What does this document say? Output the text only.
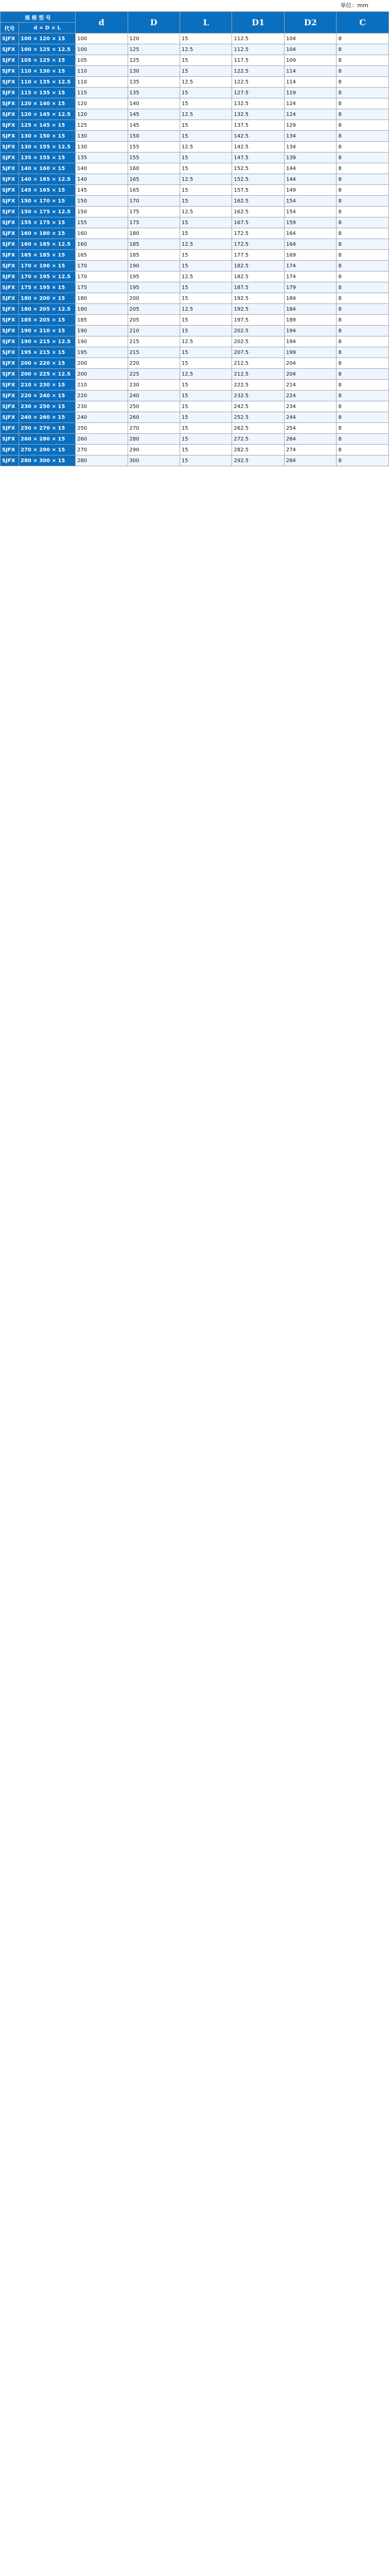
单位：mm
规 格 型 号		d	D	L	D1	D2	C
代号	d × D × L						
SJFX	100 × 120 × 15	100	120	15	112.5	104	8
SJFX	100 × 125 × 12.5	100	125	12.5	112.5	104	8
SJFX	105 × 125 × 15	105	125	15	117.5	109	8
SJFX	110 × 130 × 15	110	130	15	122.5	114	8
SJFX	110 × 135 × 12.5	110	135	12.5	122.5	114	8
SJFX	115 × 135 × 15	115	135	15	127.5	119	8
SJFX	120 × 140 × 15	120	140	15	132.5	124	8
SJFX	120 × 145 × 12.5	120	145	12.5	132.5	124	8
SJFX	125 × 145 × 15	125	145	15	137.5	129	8
SJFX	130 × 150 × 15	130	150	15	142.5	134	8
SJFX	130 × 155 × 12.5	130	155	12.5	142.5	134	8
SJFX	135 × 155 × 15	135	155	15	147.5	139	8
SJFX	140 × 160 × 15	140	160	15	152.5	144	8
SJFX	140 × 165 × 12.5	140	165	12.5	152.5	144	8
SJFX	145 × 165 × 15	145	165	15	157.5	149	8
SJFX	150 × 170 × 15	150	170	15	162.5	154	8
SJFX	150 × 175 × 12.5	150	175	12.5	162.5	154	8
SJFX	155 × 175 × 15	155	175	15	167.5	159	8
SJFX	160 × 180 × 15	160	180	15	172.5	164	8
SJFX	160 × 185 × 12.5	160	185	12.5	172.5	164	8
SJFX	165 × 185 × 15	165	185	15	177.5	169	8
SJFX	170 × 190 × 15	170	190	15	182.5	174	8
SJFX	170 × 195 × 12.5	170	195	12.5	182.5	174	8
SJFX	175 × 195 × 15	175	195	15	187.5	179	8
SJFX	180 × 200 × 15	180	200	15	192.5	184	8
SJFX	180 × 205 × 12.5	180	205	12.5	192.5	184	8
SJFX	185 × 205 × 15	185	205	15	197.5	189	8
SJFX	190 × 210 × 15	190	210	15	202.5	194	8
SJFX	190 × 215 × 12.5	190	215	12.5	202.5	194	8
SJFX	195 × 215 × 15	195	215	15	207.5	199	8
SJFX	200 × 220 × 15	200	220	15	212.5	204	8
SJFX	200 × 225 × 12.5	200	225	12.5	212.5	204	8
SJFX	210 × 230 × 15	210	230	15	222.5	214	8
SJFX	220 × 240 × 15	220	240	15	232.5	224	8
SJFX	230 × 250 × 15	230	250	15	242.5	234	8
SJFX	240 × 260 × 15	240	260	15	252.5	244	8
SJFX	250 × 270 × 15	250	270	15	262.5	254	8
SJFX	260 × 280 × 15	260	280	15	272.5	264	8
SJFX	270 × 290 × 15	270	290	15	282.5	274	8
SJFX	280 × 300 × 15	280	300	15	292.5	284	8
